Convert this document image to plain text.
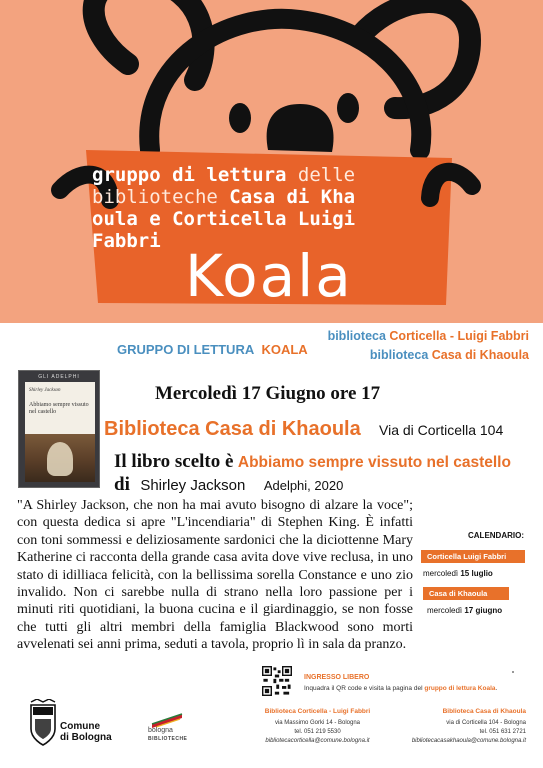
gruppo di lettura delle
biblioteche Casa di Kha
oula e Corticella Luigi
Fabbri
Koala
GRUPPO DI LETTURA KOALA
biblioteca Corticella - Luigi Fabbri
biblioteca Casa di Khaoula
GLI ADELPHI
Shirley Jackson
Abbiamo sempre vissuto nel castello
Mercoledì 17 Giugno ore 17
Biblioteca Casa di Khaoula Via di Corticella 104
Il libro scelto è Abbiamo sempre vissuto nel castello
di Shirley Jackson Adelphi, 2020
"A Shirley Jackson, che non ha mai avuto bisogno di alzare la voce"; con questa dedica si apre "L'incendiaria" di Stephen King. È infatti con toni sommessi e deliziosamente sardonici che la diciottenne Mary Katherine ci racconta della grande casa avita dove vive reclusa, in uno stato di idilliaca felicità, con la bellissima sorella Constance e uno zio invalido. Non ci sarebbe nulla di strano nella loro passione per i minuti riti quotidiani, la buona cucina e il giardinaggio, se non fosse che tutti gli altri membri della famiglia Blackwood sono morti avvelenati sei anni prima, seduti a tavola, proprio lì in sala da pranzo.
CALENDARIO:
Corticella Luigi Fabbri
mercoledì 15 luglio
Casa di Khaoula
mercoledì 17 giugno
INGRESSO LIBERO
Inquadra il QR code e visita la pagina del gruppo di lettura Koala.
Biblioteca Corticella - Luigi Fabbri
via Massimo Gorki 14 - Bologna
tel. 051 219 5530
bibliotecacorticella@comune.bologna.it
Biblioteca Casa di Khaoula
via di Corticella 104 - Bologna
tel. 051 631 2721
bibliotecacasakhaoula@comune.bologna.it
Comune
di Bologna
bologna
BIBLIOTECHE
